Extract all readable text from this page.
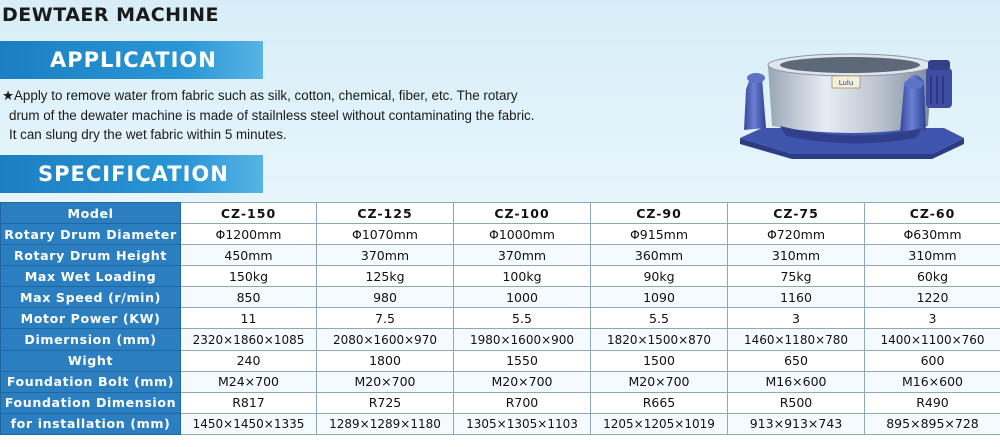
DEWTAER MACHINE
APPLICATION
★Apply to remove water from fabric such as silk, cotton, chemical, fiber, etc. The rotary
drum of the dewater machine is made of stailnless steel without contaminating the fabric.
It can slung dry the wet fabric within 5 minutes.
SPECIFICATION
Lulu
Model	CZ-150	CZ-125	CZ-100	CZ-90	CZ-75	CZ-60
Rotary Drum Diameter	Φ1200mm	Φ1070mm	Φ1000mm	Φ915mm	Φ720mm	Φ630mm
Rotary Drum Height	450mm	370mm	370mm	360mm	310mm	310mm
Max Wet Loading	150kg	125kg	100kg	90kg	75kg	60kg
Max Speed (r/min)	850	980	1000	1090	1160	1220
Motor Power (KW)	11	7.5	5.5	5.5	3	3
Dimernsion (mm)	2320×1860×1085	2080×1600×970	1980×1600×900	1820×1500×870	1460×1180×780	1400×1100×760
Wight	240	1800	1550	1500	650	600
Foundation Bolt (mm)	M24×700	M20×700	M20×700	M20×700	M16×600	M16×600
Foundation Dimension	R817	R725	R700	R665	R500	R490
for installation (mm)	1450×1450×1335	1289×1289×1180	1305×1305×1103	1205×1205×1019	913×913×743	895×895×728
